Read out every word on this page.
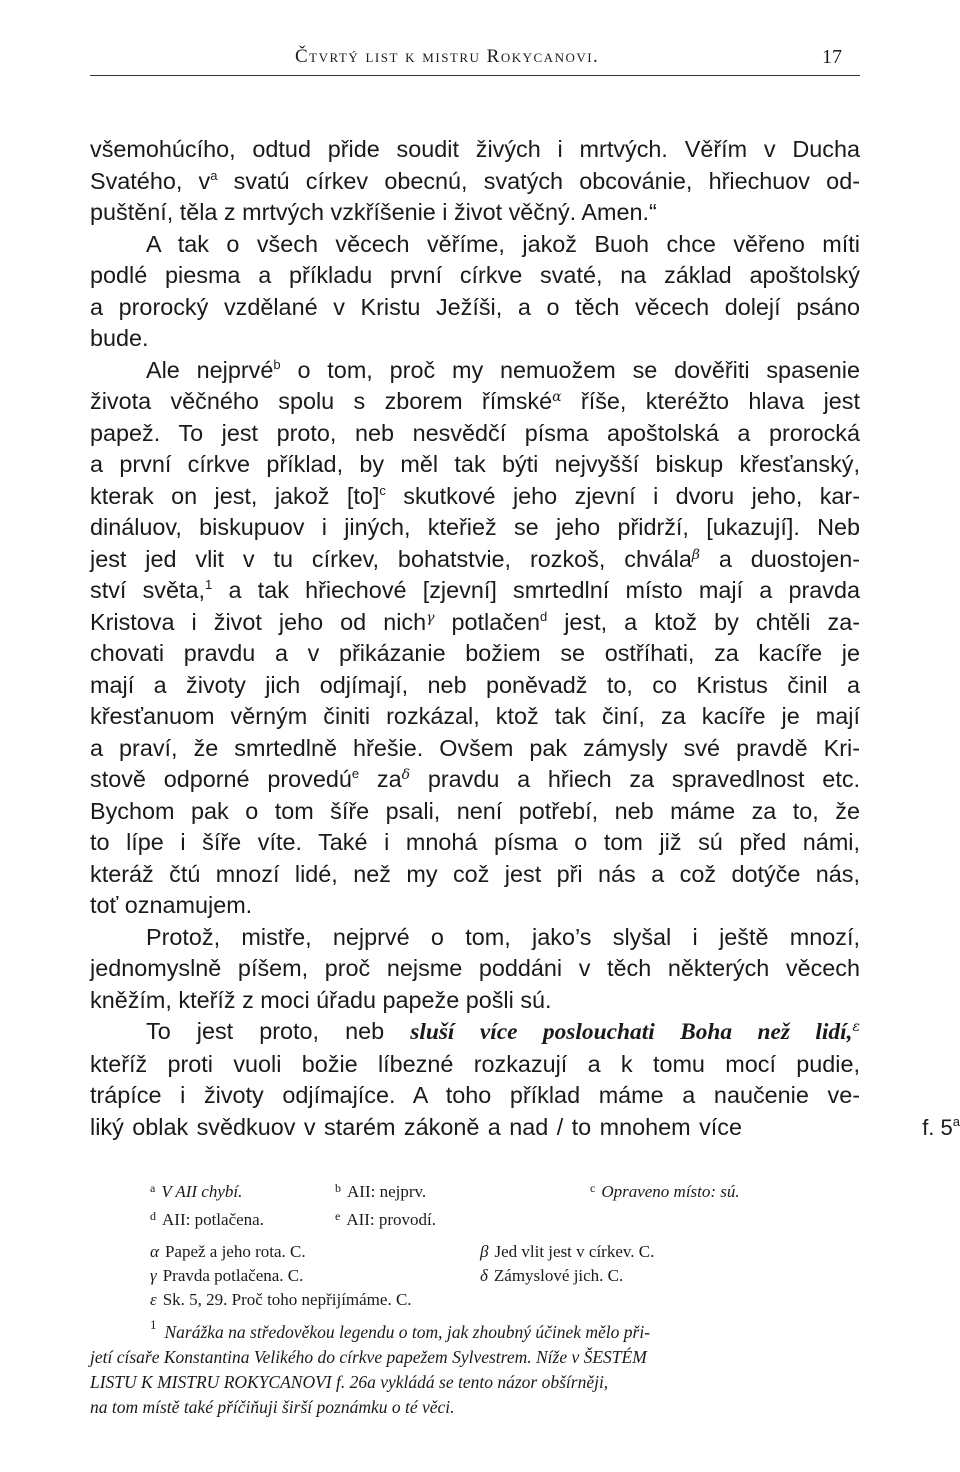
Čtvrtý list k mistru Rokycanovi.	17

všemohúcího, odtud přide soudit živých i mrtvých. Věřím v Ducha

Svatého, $v^a$ svatú církev obecnú, svatých obcovánie, hřiechuov od-

puštění, těla z mrtvých vzkříšenie i život věčný. Amen.“

A tak o všech věcech věříme, jakož Buoh chce věřeno míti

podlé piesma a příkladu první církve svaté, na základ apoštolský

a prorocký vzdělané v Kristu Ježíši, a o těch věcech dolejí psáno

bude.

Ale nejprvé$^b$ o tom, proč my nemuožem se dověřiti spasenie

života věčného spolu s zborem římské$^\alpha$ říše, kteréžto hlava jest

papež. To jest proto, neb nesvědčí písma apoštolská a prorocká

a první církve příklad, by měl tak býti nejvyšší biskup křesťanský,

kterak on jest, jakož [to]$^c$ skutkové jeho zjevní i dvoru jeho, kar-

dináluov, biskupuov i jiných, kteřiež se jeho přidrží, [ukazují]. Neb

jest jed vlit v tu církev, bohatstvie, rozkoš, chvála$^\beta$ a duostojen-

ství světa,$^1$ a tak hřiechové [zjevní] smrtedlní místo mají a pravda

Kristova i život jeho od nich$^\gamma$ potlačen$^d$ jest, a ktož by chtěli za-

chovati pravdu a v přikázanie božiem se ostříhati, za kacíře je

mají a životy jich odjímají, neb poněvadž to, co Kristus činil a

křesťanuom věrným činiti rozkázal, ktož tak činí, za kacíře je mají

a praví, že smrtedlně hřešie. Ovšem pak zámysly své pravdě Kri-

stově odporné provedú$^e$ $za^\delta$ pravdu a hřiech za spravedlnost etc.

Bychom pak o tom šíře psali, není potřebí, neb máme za to, že

to lípe i šíře víte. Také i mnohá písma o tom již sú před námi,

kteráž čtú mnozí lidé, než my což jest při nás a což dotýče nás,

toť oznamujem.

Protož, mistře, nejprvé o tom, jako’s slyšal i ještě mnozí,

jednomyslně píšem, proč nejsme poddáni v těch některých věcech

kněžím, kteříž z moci úřadu papeže pošli sú.

To jest proto, neb sluší více poslouchati Boha než lidí,$^\varepsilon$

kteříž proti vuoli božie líbezné rozkazují a k tomu mocí pudie,

trápíce i životy odjímajíce. A toho příklad máme a naučenie ve-

liký oblak svědkuov v starém zákoně a nad / to mnohem více	f. 5$^a$

$^a$ V AII chybí.	$^b$ AII: nejprv.	$^c$ Opraveno místo: sú.
$^d$ AII: potlačena.	$^e$ AII: provodí.
α Papež a jeho rota. C.	β Jed vlit jest v církev. C.
γ Pravda potlačena. C.	δ Zámyslové jich. C.
ε Sk. 5, 29. Proč toho nepřijímáme. C.
$^1$ Narážka na středověkou legendu o tom, jak zhoubný účinek mělo při-
jetí císaře Konstantina Velikého do církve papežem Sylvestrem. Níže v ŠESTÉM
LISTU K MISTRU ROKYCANOVI f. 26a vykládá se tento názor obšírněji,
na tom místě také příčiňuji širší poznámku o té věci.
